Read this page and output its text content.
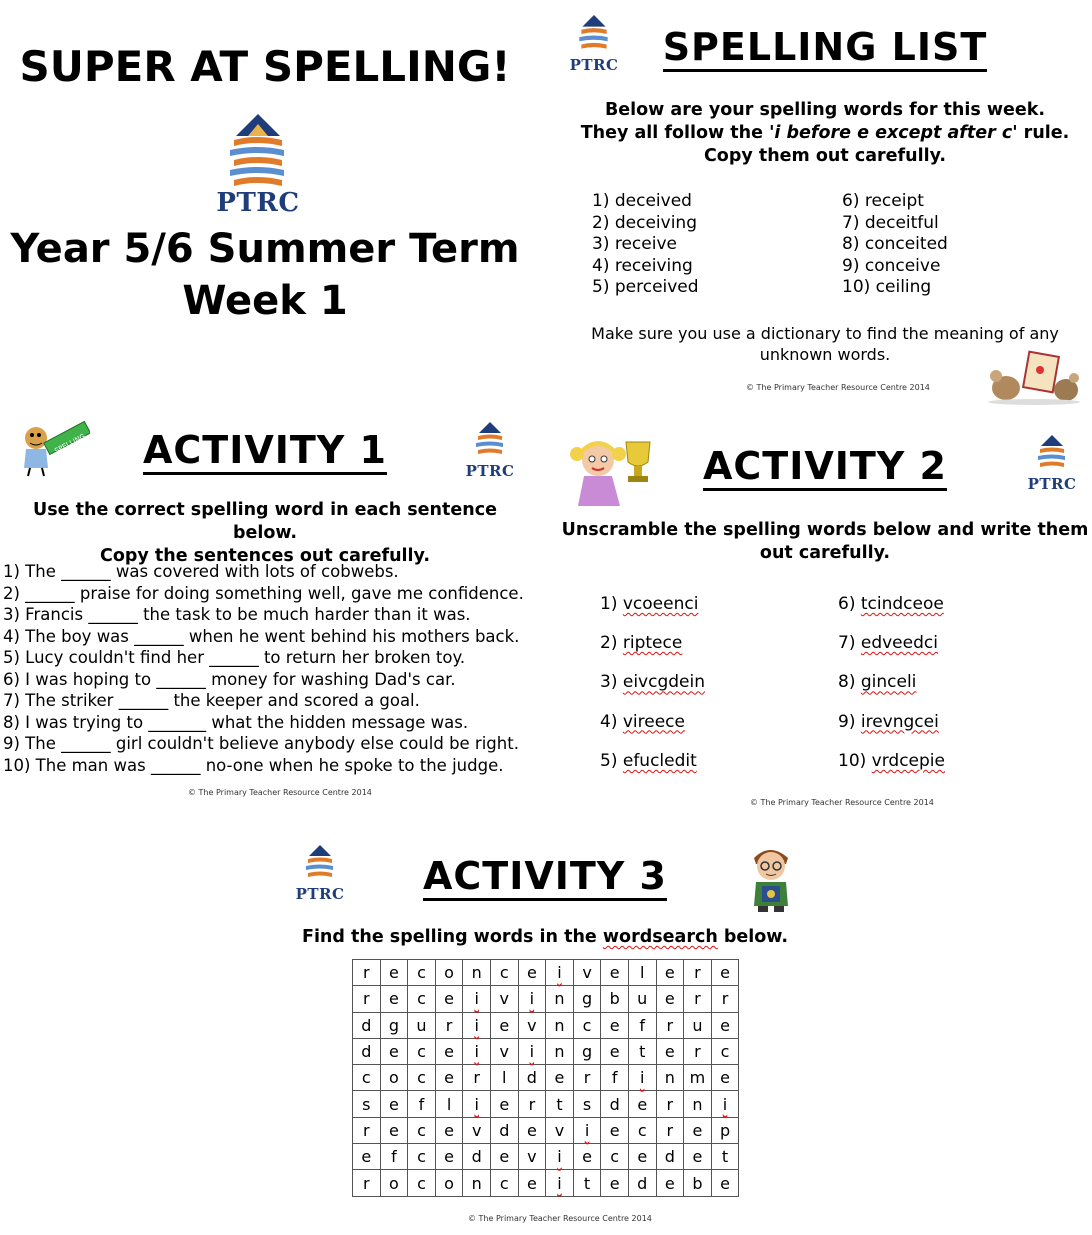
SUPER AT SPELLING!
PTRC
Year 5/6 Summer Term
Week 1
PTRC	SPELLING LIST
Below are your spelling words for this week.
They all follow the 'i before e except after c' rule.
Copy them out carefully.
1) deceived
2) deceiving
3) receive
4) receiving
5) perceived
6) receipt
7) deceitful
8) conceited
9) conceive
10) ceiling
Make sure you use a dictionary to find the meaning of any
unknown words.
© The Primary Teacher Resource Centre 2014
SPELLING	ACTIVITY 1	PTRC
Use the correct spelling word in each sentence below.
Copy the sentences out carefully.
1) The ______ was covered with lots of cobwebs.
2) ______ praise for doing something well, gave me confidence.
3) Francis ______ the task to be much harder than it was.
4) The boy was ______ when he went behind his mothers back.
5) Lucy couldn't find her ______ to return her broken toy.
6) I was hoping to ______ money for washing Dad's car.
7) The striker ______ the keeper and scored a goal.
8) I was trying to _______ what the hidden message was.
9) The ______ girl couldn't believe anybody else could be right.
10) The man was ______ no-one when he spoke to the judge.
© The Primary Teacher Resource Centre 2014
ACTIVITY 2	PTRC
Unscramble the spelling words below and write them
out carefully.
1) vcoeenci
2) riptece
3) eivcgdein
4) vireece
5) efucledit
6) tcindceoe
7) edveedci
8) ginceli
9) irevngcei
10) vrdcepie
© The Primary Teacher Resource Centre 2014
PTRC	ACTIVITY 3
Find the spelling words in the wordsearch below.
r	e	c	o	n	c	e	i	v	e	l	e	r	e
r	e	c	e	i	v	i	n	g	b	u	e	r	r
d	g	u	r	i	e	v	n	c	e	f	r	u	e
d	e	c	e	i	v	i	n	g	e	t	e	r	c
c	o	c	e	r	l	d	e	r	f	i	n	m	e
s	e	f	l	i	e	r	t	s	d	e	r	n	i
r	e	c	e	v	d	e	v	i	e	c	r	e	p
e	f	c	e	d	e	v	i	e	c	e	d	e	t
r	o	c	o	n	c	e	i	t	e	d	e	b	e
© The Primary Teacher Resource Centre 2014
